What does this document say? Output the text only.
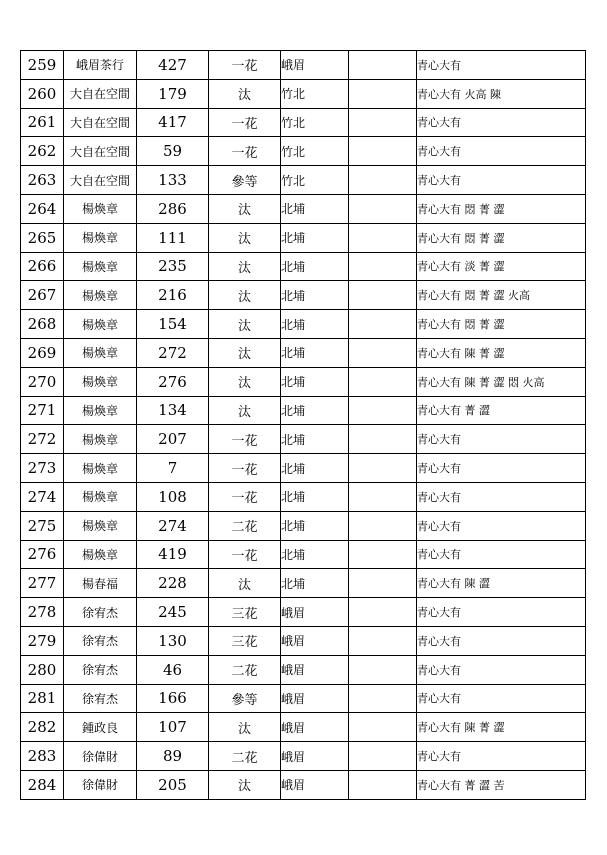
259	峨眉茶行	427	一花	峨眉		青心大有
260	大自在空間	179	汰	竹北		青心大有 火高 陳
261	大自在空間	417	一花	竹北		青心大有
262	大自在空間	59	一花	竹北		青心大有
263	大自在空間	133	參等	竹北		青心大有
264	楊煥章	286	汰	北埔		青心大有 悶 菁 澀
265	楊煥章	111	汰	北埔		青心大有 悶 菁 澀
266	楊煥章	235	汰	北埔		青心大有 淡 菁 澀
267	楊煥章	216	汰	北埔		青心大有 悶 菁 澀 火高
268	楊煥章	154	汰	北埔		青心大有 悶 菁 澀
269	楊煥章	272	汰	北埔		青心大有 陳 菁 澀
270	楊煥章	276	汰	北埔		青心大有 陳 菁 澀 悶 火高
271	楊煥章	134	汰	北埔		青心大有 菁 澀
272	楊煥章	207	一花	北埔		青心大有
273	楊煥章	7	一花	北埔		青心大有
274	楊煥章	108	一花	北埔		青心大有
275	楊煥章	274	二花	北埔		青心大有
276	楊煥章	419	一花	北埔		青心大有
277	楊春福	228	汰	北埔		青心大有 陳 澀
278	徐宥杰	245	三花	峨眉		青心大有
279	徐宥杰	130	三花	峨眉		青心大有
280	徐宥杰	46	二花	峨眉		青心大有
281	徐宥杰	166	參等	峨眉		青心大有
282	鍾政良	107	汰	峨眉		青心大有 陳 菁 澀
283	徐偉財	89	二花	峨眉		青心大有
284	徐偉財	205	汰	峨眉		青心大有 菁 澀 苦
